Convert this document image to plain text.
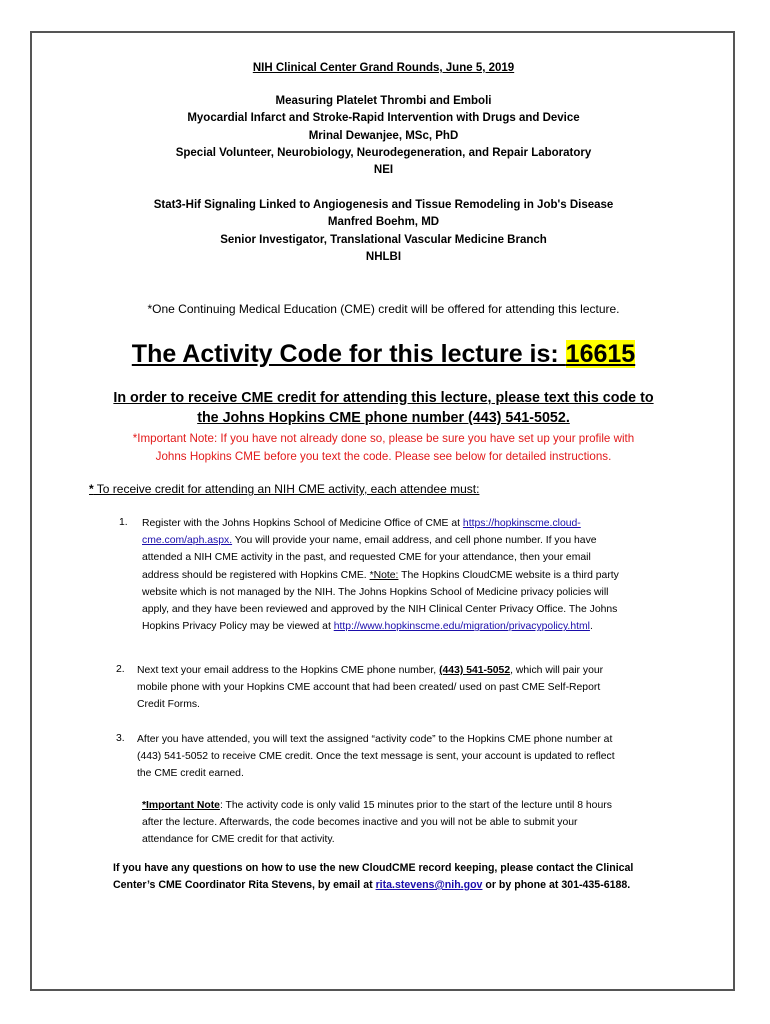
NIH Clinical Center Grand Rounds, June 5, 2019
Measuring Platelet Thrombi and Emboli
Myocardial Infarct and Stroke-Rapid Intervention with Drugs and Device
Mrinal Dewanjee, MSc, PhD
Special Volunteer, Neurobiology, Neurodegeneration, and Repair Laboratory
NEI
Stat3-Hif Signaling Linked to Angiogenesis and Tissue Remodeling in Job's Disease
Manfred Boehm, MD
Senior Investigator, Translational Vascular Medicine Branch
NHLBI
*One Continuing Medical Education (CME) credit will be offered for attending this lecture.
The Activity Code for this lecture is: 16615
In order to receive CME credit for attending this lecture, please text this code to
the Johns Hopkins CME phone number (443) 541-5052.
*Important Note: If you have not already done so, please be sure you have set up your profile with
Johns Hopkins CME before you text the code. Please see below for detailed instructions.
* To receive credit for attending an NIH CME activity, each attendee must:
1. Register with the Johns Hopkins School of Medicine Office of CME at https://hopkinscme.cloud-
cme.com/aph.aspx. You will provide your name, email address, and cell phone number. If you have
attended a NIH CME activity in the past, and requested CME for your attendance, then your email
address should be registered with Hopkins CME. *Note: The Hopkins CloudCME website is a third party
website which is not managed by the NIH. The Johns Hopkins School of Medicine privacy policies will
apply, and they have been reviewed and approved by the NIH Clinical Center Privacy Office. The Johns
Hopkins Privacy Policy may be viewed at http://www.hopkinscme.edu/migration/privacypolicy.html.
2. Next text your email address to the Hopkins CME phone number, (443) 541-5052, which will pair your
mobile phone with your Hopkins CME account that had been created/ used on past CME Self-Report
Credit Forms.
3. After you have attended, you will text the assigned “activity code” to the Hopkins CME phone number at
(443) 541-5052 to receive CME credit. Once the text message is sent, your account is updated to reflect
the CME credit earned.
*Important Note: The activity code is only valid 15 minutes prior to the start of the lecture until 8 hours
after the lecture. Afterwards, the code becomes inactive and you will not be able to submit your
attendance for CME credit for that activity.
If you have any questions on how to use the new CloudCME record keeping, please contact the Clinical
Center’s CME Coordinator Rita Stevens, by email at rita.stevens@nih.gov or by phone at 301-435-6188.
